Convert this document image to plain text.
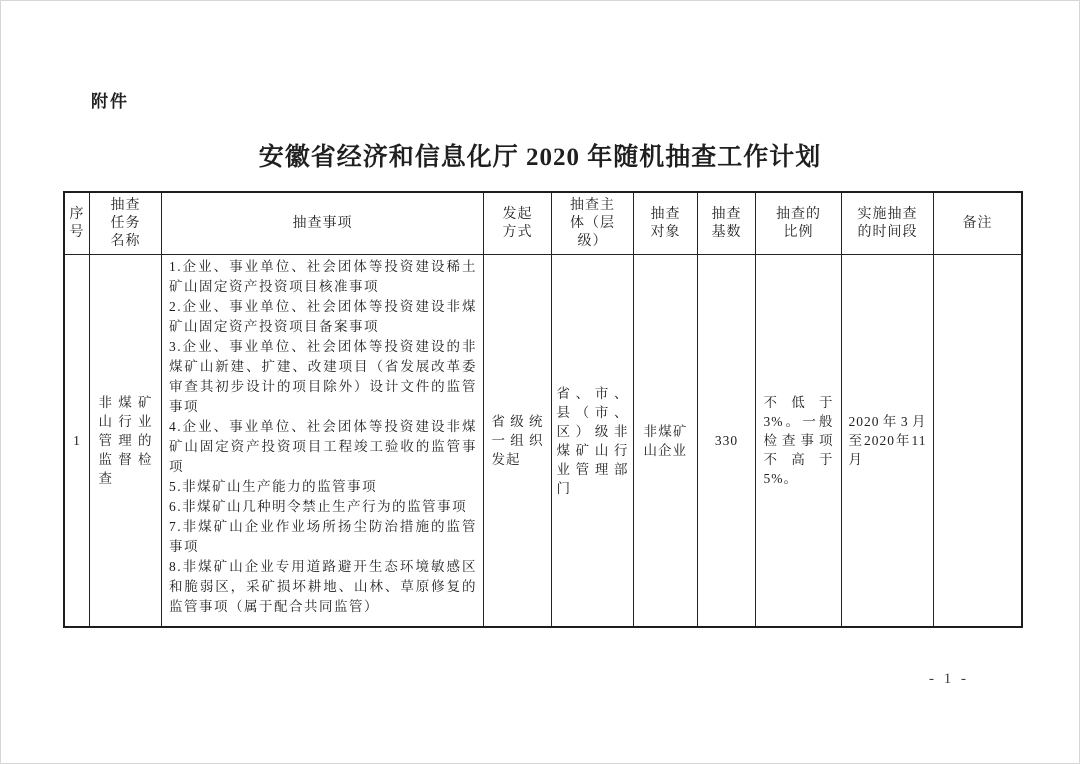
附件
安徽省经济和信息化厅 2020 年随机抽查工作计划
序号
抽查任务名称
抽查事项
发起方式
抽查主体（层级）
抽查对象
抽查基数
抽查的比例
实施抽查的时间段
备注
1
非煤矿山行业管理的监督检查
1.企业、事业单位、社会团体等投资建设稀土矿山固定资产投资项目核准事项
2.企业、事业单位、社会团体等投资建设非煤矿山固定资产投资项目备案事项
3.企业、事业单位、社会团体等投资建设的非煤矿山新建、扩建、改建项目（省发展改革委审查其初步设计的项目除外）设计文件的监管事项
4.企业、事业单位、社会团体等投资建设非煤矿山固定资产投资项目工程竣工验收的监管事项
5.非煤矿山生产能力的监管事项
6.非煤矿山几种明令禁止生产行为的监管事项
7.非煤矿山企业作业场所扬尘防治措施的监管事项
8.非煤矿山企业专用道路避开生态环境敏感区和脆弱区，采矿损坏耕地、山林、草原修复的监管事项（属于配合共同监管）
省级统一组织发起
省、市、县（市、区）级非煤矿山行业管理部门
非煤矿山企业
330
不低于3%。一般检查事项不高于5%。
2020年3月至2020年11月
- 1 -
